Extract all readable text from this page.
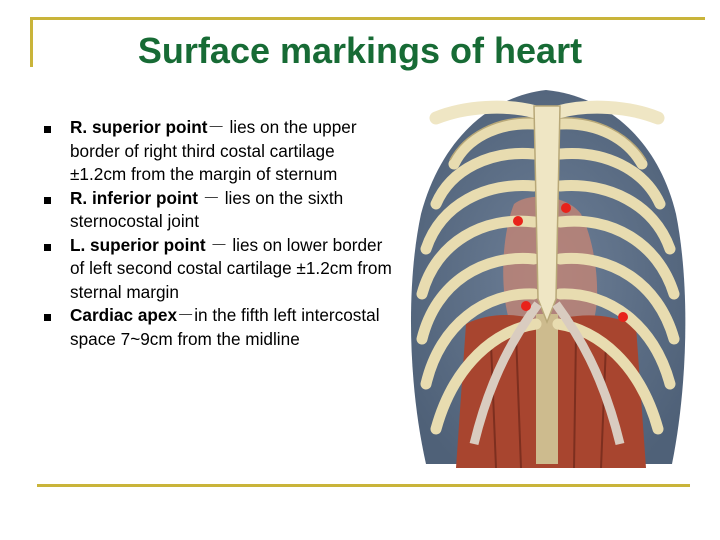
Surface markings of heart
R. superior point－ lies on the upper border of right third costal cartilage ±1.2cm from the margin of sternum
R. inferior point － lies on the sixth sternocostal joint
L. superior point － lies on lower border of left second costal cartilage ±1.2cm from sternal margin
Cardiac apex－in the fifth left intercostal space 7~9cm from the midline
